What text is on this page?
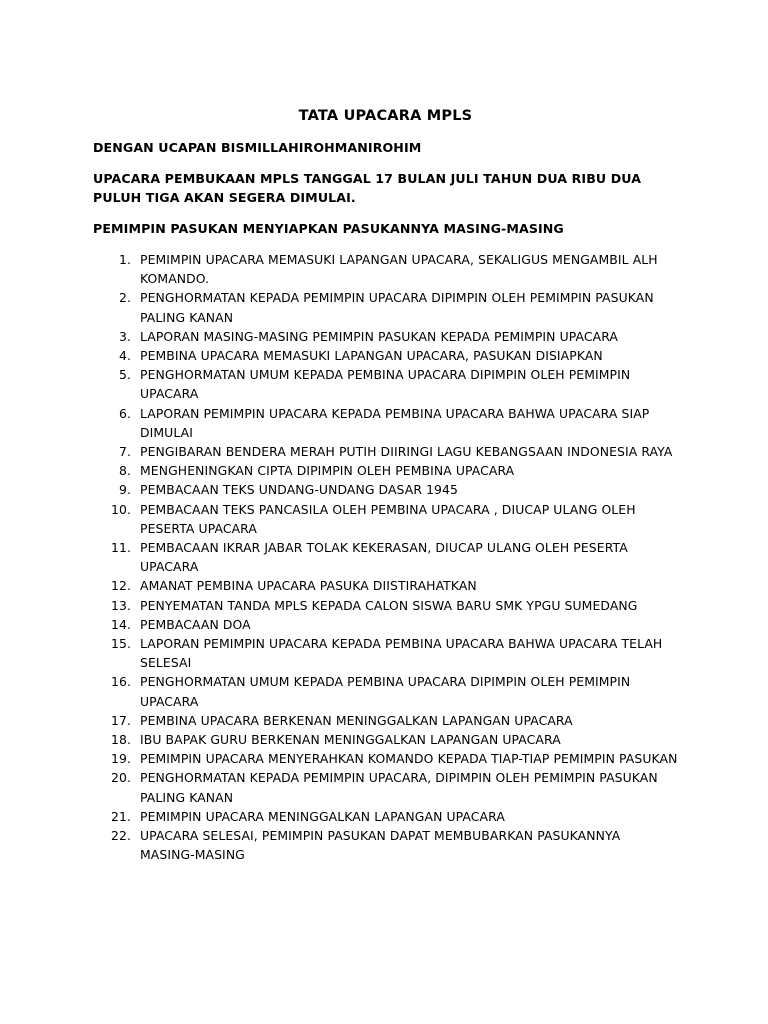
TATA UPACARA MPLS
DENGAN UCAPAN BISMILLAHIROHMANIROHIM
UPACARA PEMBUKAAN MPLS TANGGAL 17 BULAN JULI TAHUN DUA RIBU DUA PULUH TIGA AKAN SEGERA DIMULAI.
PEMIMPIN PASUKAN MENYIAPKAN PASUKANNYA MASING-MASING
1. PEMIMPIN UPACARA MEMASUKI LAPANGAN UPACARA, SEKALIGUS MENGAMBIL ALH KOMANDO.
2. PENGHORMATAN KEPADA PEMIMPIN UPACARA DIPIMPIN OLEH PEMIMPIN PASUKAN PALING KANAN
3. LAPORAN MASING-MASING PEMIMPIN PASUKAN KEPADA PEMIMPIN UPACARA
4. PEMBINA UPACARA MEMASUKI LAPANGAN UPACARA, PASUKAN DISIAPKAN
5. PENGHORMATAN UMUM KEPADA PEMBINA UPACARA DIPIMPIN OLEH PEMIMPIN UPACARA
6. LAPORAN PEMIMPIN UPACARA KEPADA PEMBINA UPACARA BAHWA UPACARA SIAP DIMULAI
7. PENGIBARAN BENDERA MERAH PUTIH DIIRINGI LAGU KEBANGSAAN INDONESIA RAYA
8. MENGHENINGKAN CIPTA DIPIMPIN OLEH PEMBINA UPACARA
9. PEMBACAAN TEKS UNDANG-UNDANG DASAR 1945
10. PEMBACAAN TEKS PANCASILA OLEH PEMBINA UPACARA , DIUCAP ULANG OLEH PESERTA UPACARA
11. PEMBACAAN IKRAR JABAR TOLAK KEKERASAN, DIUCAP ULANG OLEH PESERTA UPACARA
12. AMANAT PEMBINA UPACARA PASUKA DIISTIRAHATKAN
13. PENYEMATAN TANDA MPLS KEPADA CALON SISWA BARU SMK YPGU SUMEDANG
14. PEMBACAAN DOA
15. LAPORAN PEMIMPIN UPACARA KEPADA PEMBINA UPACARA BAHWA UPACARA TELAH SELESAI
16. PENGHORMATAN UMUM KEPADA PEMBINA UPACARA DIPIMPIN OLEH PEMIMPIN UPACARA
17. PEMBINA UPACARA BERKENAN MENINGGALKAN LAPANGAN UPACARA
18. IBU BAPAK GURU BERKENAN MENINGGALKAN LAPANGAN UPACARA
19. PEMIMPIN UPACARA MENYERAHKAN KOMANDO KEPADA TIAP-TIAP PEMIMPIN PASUKAN
20. PENGHORMATAN KEPADA PEMIMPIN UPACARA, DIPIMPIN OLEH PEMIMPIN PASUKAN PALING KANAN
21. PEMIMPIN UPACARA MENINGGALKAN LAPANGAN UPACARA
22. UPACARA SELESAI, PEMIMPIN PASUKAN DAPAT MEMBUBARKAN PASUKANNYA MASING-MASING
